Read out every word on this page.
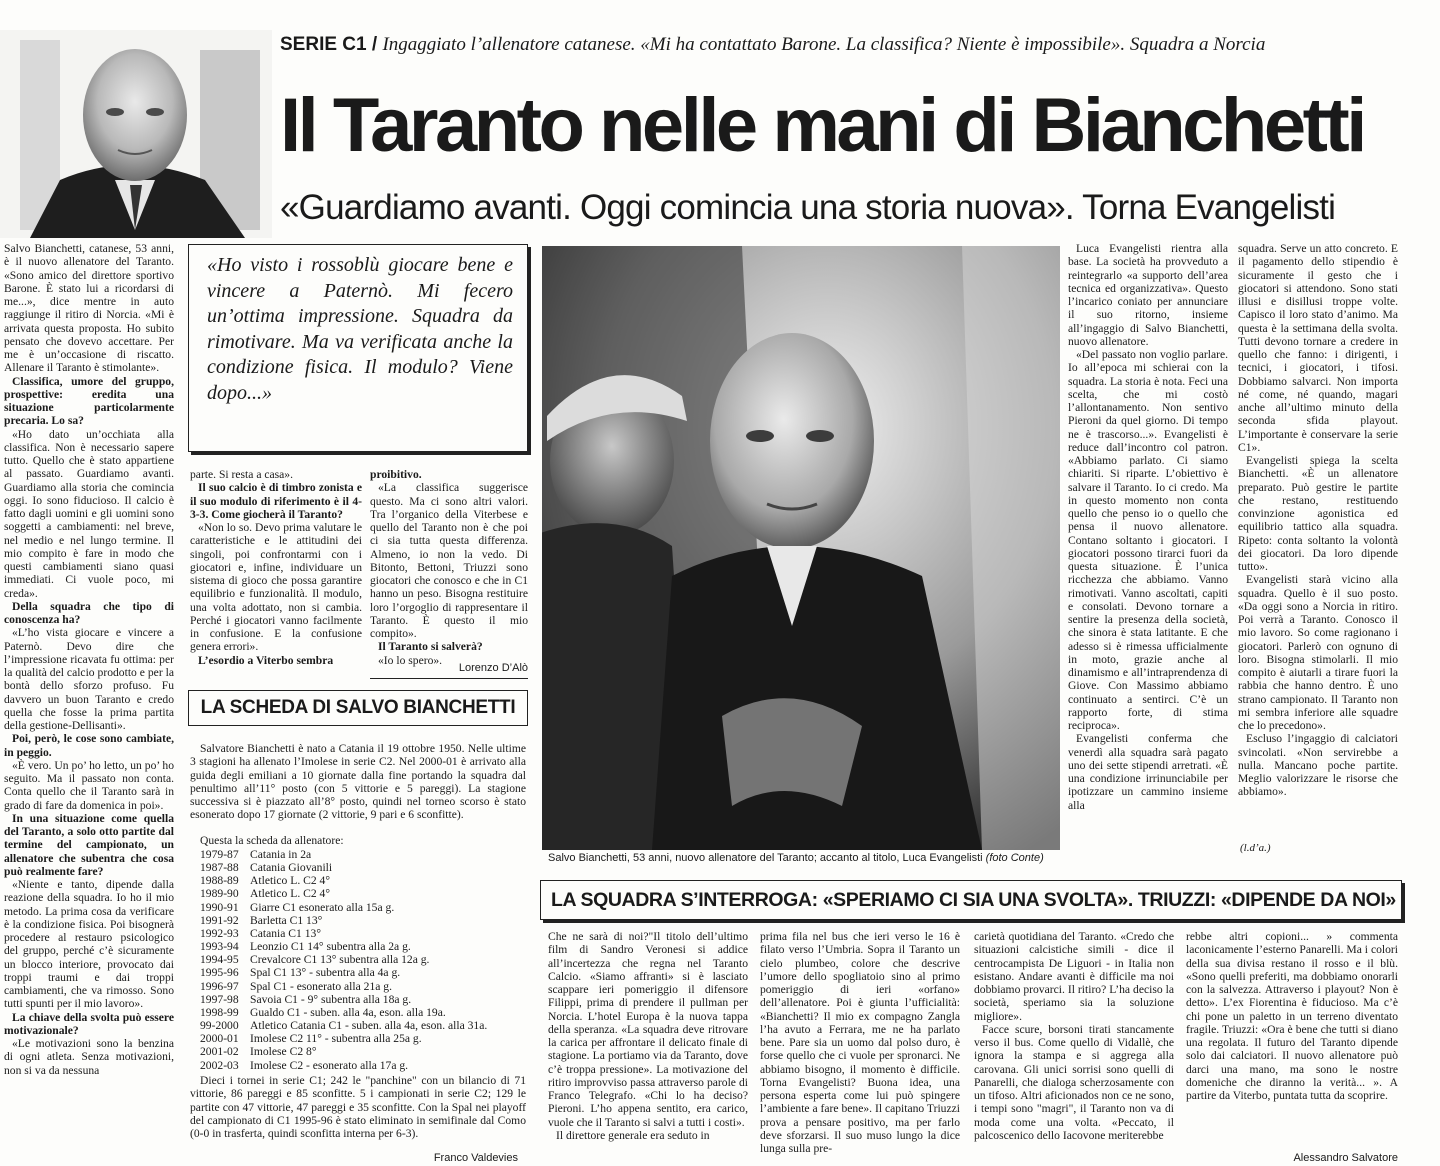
SERIE C1 / Ingaggiato l’allenatore catanese. «Mi ha contattato Barone. La classifica? Niente è impossibile». Squadra a Norcia
Il Taranto nelle mani di Bianchetti
«Guardiamo avanti. Oggi comincia una storia nuova». Torna Evangelisti

Salvo Bianchetti, catanese, 53 anni, è il nuovo allenatore del Taranto. «Sono amico del direttore sportivo Barone. È stato lui a ricordarsi di me...», dice mentre in auto raggiunge il ritiro di Norcia. «Mi è arrivata questa proposta. Ho subito pensato che dovevo accettare. Per me è un’occasione di riscatto. Allenare il Taranto è stimolante».

Classifica, umore del gruppo, prospettive: eredita una situazione particolarmente precaria. Lo sa?

«Ho dato un’occhiata alla classifica. Non è necessario sapere tutto. Quello che è stato appartiene al passato. Guardiamo avanti. Guardiamo alla storia che comincia oggi. Io sono fiducioso. Il calcio è fatto dagli uomini e gli uomini sono soggetti a cambiamenti: nel breve, nel medio e nel lungo termine. Il mio compito è fare in modo che questi cambiamenti siano quasi immediati. Ci vuole poco, mi creda».

Della squadra che tipo di conoscenza ha?

«L’ho vista giocare e vincere a Paternò. Devo dire che l’impressione ricavata fu ottima: per la qualità del calcio prodotto e per la bontà dello sforzo profuso. Fu davvero un buon Taranto e credo quella che fosse la prima partita della gestione-Dellisanti».

Poi, però, le cose sono cambiate, in peggio.

«È vero. Un po’ ho letto, un po’ ho seguito. Ma il passato non conta. Conta quello che il Taranto sarà in grado di fare da domenica in poi».

In una situazione come quella del Taranto, a solo otto partite dal termine del campionato, un allenatore che subentra che cosa può realmente fare?

«Niente e tanto, dipende dalla reazione della squadra. Io ho il mio metodo. La prima cosa da verificare è la condizione fisica. Poi bisognerà procedere al restauro psicologico del gruppo, perché c’è sicuramente un blocco interiore, provocato dai troppi traumi e dai troppi cambiamenti, che va rimosso. Sono tutti spunti per il mio lavoro».

La chiave della svolta può essere motivazionale?

«Le motivazioni sono la benzina di ogni atleta. Senza motivazioni, non si va da nessuna

«Ho visto i rossoblù giocare bene e vincere a Paternò. Mi fecero un’ottima impressione. Squadra da rimotivare. Ma va verificata anche la condizione fisica. Il modulo? Viene dopo...»

parte. Si resta a casa».

Il suo calcio è di timbro zonista e il suo modulo di riferimento è il 4-3-3. Come giocherà il Taranto?

«Non lo so. Devo prima valutare le caratteristiche e le attitudini dei singoli, poi confrontarmi con i giocatori e, infine, individuare un sistema di gioco che possa garantire equilibrio e funzionalità. Il modulo, una volta adottato, non si cambia. Perché i giocatori vanno facilmente in confusione. E la confusione genera errori».

L’esordio a Viterbo sembra

proibitivo.

«La classifica suggerisce questo. Ma ci sono altri valori. Tra l’organico della Viterbese e quello del Taranto non è che poi ci sia tutta questa differenza. Almeno, io non la vedo. Di Bitonto, Bettoni, Triuzzi sono giocatori che conosco e che in C1 hanno un peso. Bisogna restituire loro l’orgoglio di rappresentare il Taranto. È questo il mio compito».

Il Taranto si salverà?

«Io lo spero».

Lorenzo D’Alò
LA SCHEDA DI SALVO BIANCHETTI
Salvatore Bianchetti è nato a Catania il 19 ottobre 1950. Nelle ultime 3 stagioni ha allenato l’Imolese in serie C2. Nel 2000-01 è arrivato alla guida degli emiliani a 10 giornate dalla fine portando la squadra dal penultimo all’11° posto (con 5 vittorie e 5 pareggi). La stagione successiva si è piazzato all’8° posto, quindi nel torneo scorso è stato esonerato dopo 17 giornate (2 vittorie, 9 pari e 6 sconfitte).
Questa la scheda da allenatore:
1979-87 Catania in 2a
1987-88 Catania Giovanili
1988-89 Atletico L. C2 4°
1989-90 Atletico L. C2 4°
1990-91 Giarre C1 esonerato alla 15a g.
1991-92 Barletta C1 13°
1992-93 Catania C1 13°
1993-94 Leonzio C1 14° subentra alla 2a g.
1994-95 Crevalcore C1 13° subentra alla 12a g.
1995-96 Spal C1 13° - subentra alla 4a g.
1996-97 Spal C1 - esonerato alla 21a g.
1997-98 Savoia C1 - 9° subentra alla 18a g.
1998-99 Gualdo C1 - suben. alla 4a, eson. alla 19a.
99-2000 Atletico Catania C1 - suben. alla 4a, eson. alla 31a.
2000-01 Imolese C2 11° - subentra alla 25a g.
2001-02 Imolese C2 8°
2002-03 Imolese C2 - esonerato alla 17a g.
Dieci i tornei in serie C1; 242 le "panchine" con un bilancio di 71 vittorie, 86 pareggi e 85 sconfitte. 5 i campionati in serie C2; 129 le partite con 47 vittorie, 47 pareggi e 35 sconfitte. Con la Spal nei playoff del campionato di C1 1995-96 è stato eliminato in semifinale dal Como (0-0 in trasferta, quindi sconfitta interna per 6-3).
Franco Valdevies
Salvo Bianchetti, 53 anni, nuovo allenatore del Taranto; accanto al titolo, Luca Evangelisti (foto Conte)

Luca Evangelisti rientra alla base. La società ha provveduto a reintegrarlo «a supporto dell’area tecnica ed organizzativa». Questo l’incarico coniato per annunciare il suo ritorno, insieme all’ingaggio di Salvo Bianchetti, nuovo allenatore.

«Del passato non voglio parlare. Io all’epoca mi schierai con la squadra. La storia è nota. Feci una scelta, che mi costò l’allontanamento. Non sentivo Pieroni da quel giorno. Di tempo ne è trascorso...». Evangelisti è reduce dall’incontro col patron. «Abbiamo parlato. Ci siamo chiariti. Si riparte. L’obiettivo è salvare il Taranto. Io ci credo. Ma in questo momento non conta quello che penso io o quello che pensa il nuovo allenatore. Contano soltanto i giocatori. I giocatori possono tirarci fuori da questa situazione. È l’unica ricchezza che abbiamo. Vanno rimotivati. Vanno ascoltati, capiti e consolati. Devono tornare a sentire la presenza della società, che sinora è stata latitante. E che adesso si è rimessa ufficialmente in moto, grazie anche al dinamismo e all’intraprendenza di Giove. Con Massimo abbiamo continuato a sentirci. C’è un rapporto forte, di stima reciproca».

Evangelisti conferma che venerdì alla squadra sarà pagato uno dei sette stipendi arretrati. «È una condizione irrinunciabile per ipotizzare un cammino insieme alla

squadra. Serve un atto concreto. E il pagamento dello stipendio è sicuramente il gesto che i giocatori si attendono. Sono stati illusi e disillusi troppe volte. Capisco il loro stato d’animo. Ma questa è la settimana della svolta. Tutti devono tornare a credere in quello che fanno: i dirigenti, i tecnici, i giocatori, i tifosi. Dobbiamo salvarci. Non importa né come, né quando, magari anche all’ultimo minuto della seconda sfida playout. L’importante è conservare la serie C1».

Evangelisti spiega la scelta Bianchetti. «È un allenatore preparato. Può gestire le partite che restano, restituendo convinzione agonistica ed equilibrio tattico alla squadra. Ripeto: conta soltanto la volontà dei giocatori. Da loro dipende tutto».

Evangelisti starà vicino alla squadra. Quello è il suo posto. «Da oggi sono a Norcia in ritiro. Poi verrà a Taranto. Conosco il mio lavoro. So come ragionano i giocatori. Parlerò con ognuno di loro. Bisogna stimolarli. Il mio compito è aiutarli a tirare fuori la rabbia che hanno dentro. È uno strano campionato. Il Taranto non mi sembra inferiore alle squadre che lo precedono».

Escluso l’ingaggio di calciatori svincolati. «Non servirebbe a nulla. Mancano poche partite. Meglio valorizzare le risorse che abbiamo».

(l.d’a.)
LA SQUADRA S’INTERROGA: «SPERIAMO CI SIA UNA SVOLTA». TRIUZZI: «DIPENDE DA NOI»

Che ne sarà di noi?"Il titolo dell’ultimo film di Sandro Veronesi si addice all’incertezza che regna nel Taranto Calcio. «Siamo affranti» si è lasciato scappare ieri pomeriggio il difensore Filippi, prima di prendere il pullman per Norcia. L’hotel Europa è la nuova tappa della speranza. «La squadra deve ritrovare la carica per affrontare il delicato finale di stagione. La portiamo via da Taranto, dove c’è troppa pressione». La motivazione del ritiro improvviso passa attraverso parole di Franco Telegrafo. «Chi lo ha deciso? Pieroni. L’ho appena sentito, era carico, vuole che il Taranto si salvi a tutti i costi».

Il direttore generale era seduto in

prima fila nel bus che ieri verso le 16 è filato verso l’Umbria. Sopra il Taranto un cielo plumbeo, colore che descrive l’umore dello spogliatoio sino al primo pomeriggio di ieri «orfano» dell’allenatore. Poi è giunta l’ufficialità: «Bianchetti? Il mio ex compagno Zangla l’ha avuto a Ferrara, me ne ha parlato bene. Pare sia un uomo dal polso duro, è forse quello che ci vuole per spronarci. Ne abbiamo bisogno, il momento è difficile. Torna Evangelisti? Buona idea, una persona esperta come lui può spingere l’ambiente a fare bene». Il capitano Triuzzi prova a pensare positivo, ma per farlo deve sforzarsi. Il suo muso lungo la dice lunga sulla pre-

carietà quotidiana del Taranto. «Credo che situazioni calcistiche simili - dice il centrocampista De Liguori - in Italia non esistano. Andare avanti è difficile ma noi dobbiamo provarci. Il ritiro? L’ha deciso la società, speriamo sia la soluzione migliore».

Facce scure, borsoni tirati stancamente verso il bus. Come quello di Vidallè, che ignora la stampa e si aggrega alla carovana. Gli unici sorrisi sono quelli di Panarelli, che dialoga scherzosamente con un tifoso. Altri aficionados non ce ne sono, i tempi sono "magri", il Taranto non va di moda come una volta. «Peccato, il palcoscenico dello Iacovone meriterebbe

rebbe altri copioni... » commenta laconicamente l’esterno Panarelli. Ma i colori della sua divisa restano il rosso e il blù. «Sono quelli preferiti, ma dobbiamo onorarli con la salvezza. Attraverso i playout? Non è detto». L’ex Fiorentina è fiducioso. Ma c’è chi pone un paletto in un terreno diventato fragile. Triuzzi: «Ora è bene che tutti si diano una regolata. Il futuro del Taranto dipende solo dai calciatori. Il nuovo allenatore può darci una mano, ma sono le nostre domeniche che diranno la verità... ». A partire da Viterbo, puntata tutta da scoprire.

Alessandro Salvatore
